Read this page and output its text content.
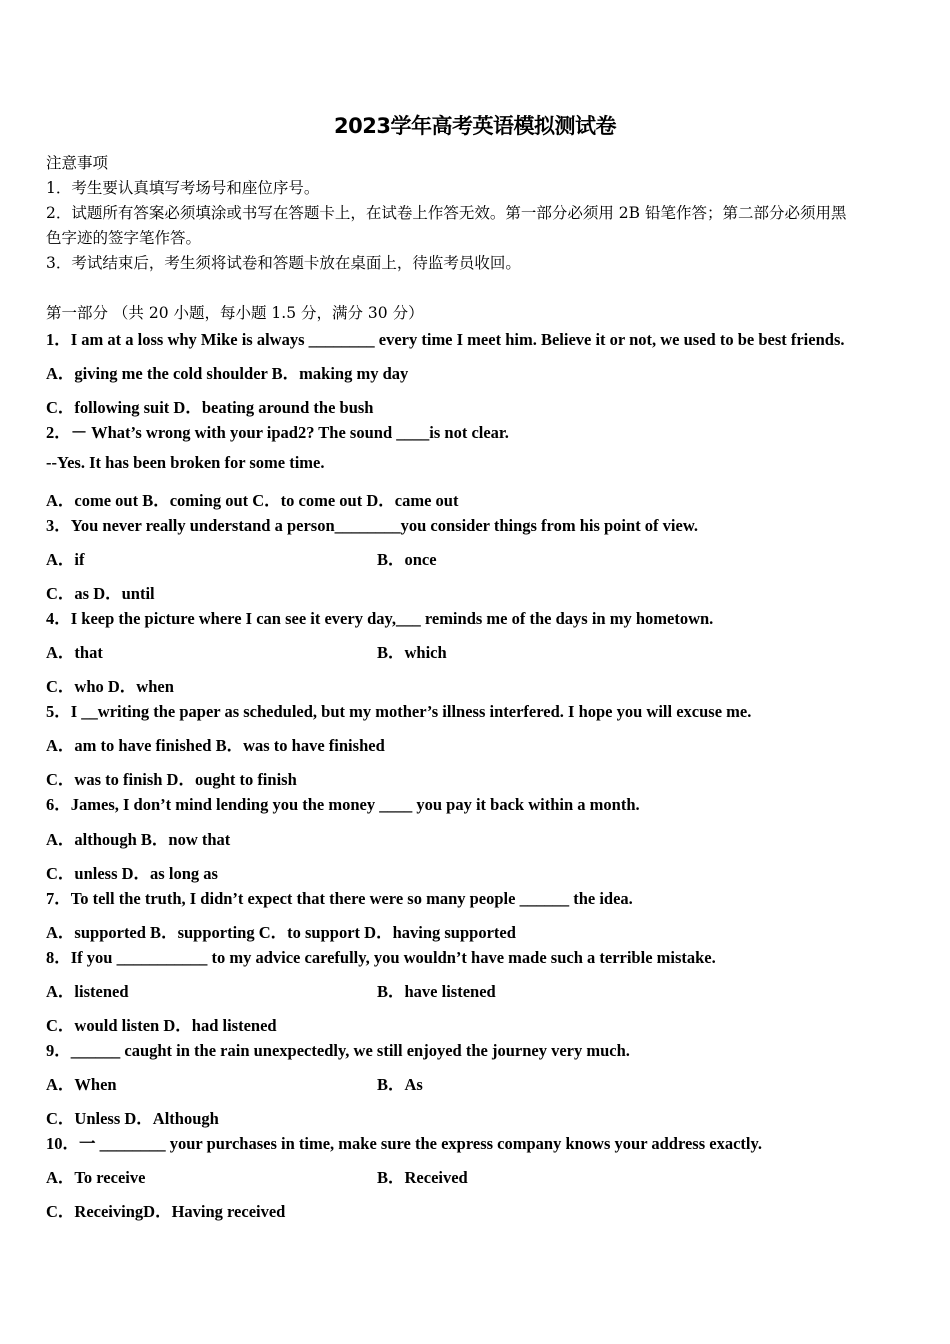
2023学年高考英语模拟测试卷
注意事项
1．考生要认真填写考场号和座位序号。
2．试题所有答案必须填涂或书写在答题卡上，在试卷上作答无效。第一部分必须用 2B 铅笔作答；第二部分必须用黑
色字迹的签字笔作答。
3．考试结束后，考生须将试卷和答题卡放在桌面上，待监考员收回。
第一部分 （共 20 小题，每小题 1.5 分，满分 30 分）
1．I am at a loss why Mike is always ________ every time I meet him. Believe it or not, we used to be best friends.
A．giving me the cold shoulder B．making my day
C．following suit D．beating around the bush
2．－ What’s wrong with your ipad2? The sound ____is not clear.
--Yes. It has been broken for some time.
A．come out B．coming out C．to come out D．came out
3．You never really understand a person________you consider things from his point of view.
A．if	B．once
C．as D．until
4．I keep the picture where I can see it every day,___ reminds me of the days in my hometown.
A．that	B．which
C．who D．when
5．I __writing the paper as scheduled, but my mother’s illness interfered. I hope you will excuse me.
A．am to have finished B．was to have finished
C．was to finish D．ought to finish
6．James, I don’t mind lending you the money ____ you pay it back within a month.
A．although B．now that
C．unless D．as long as
7．To tell the truth, I didn’t expect that there were so many people ______ the idea.
A．supported B．supporting C．to support D．having supported
8．If you ___________ to my advice carefully, you wouldn’t have made such a terrible mistake.
A．listened	B．have listened
C．would listen D．had listened
9．______ caught in the rain unexpectedly, we still enjoyed the journey very much.
A．When	B．As
C．Unless D．Although
10．一 ________ your purchases in time, make sure the express company knows your address exactly.
A．To receive	B．Received
C．ReceivingD．Having received
